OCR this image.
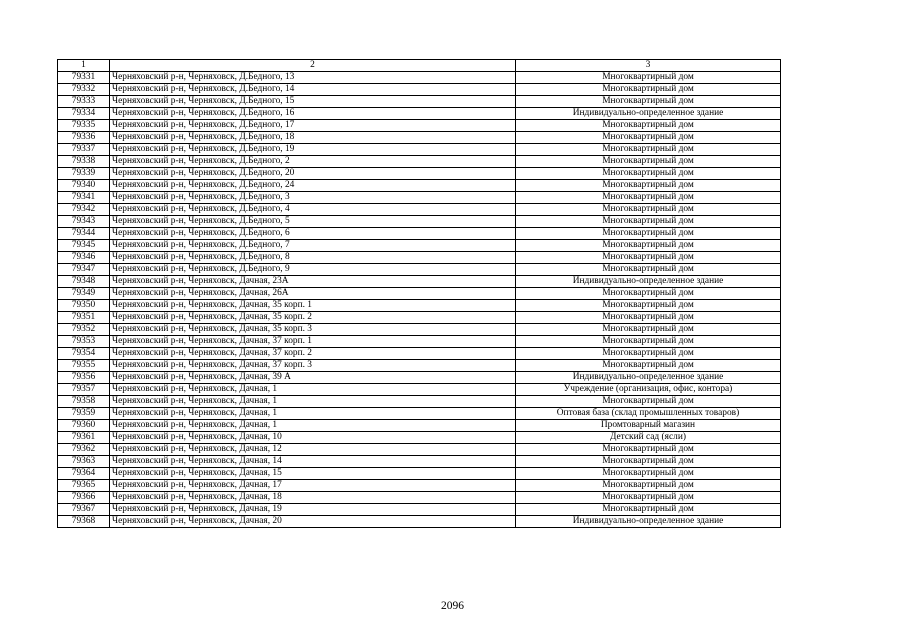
1	2	3
79331	Черняховский р-н, Черняховск, Д.Бедного, 13	Многоквартирный дом
79332	Черняховский р-н, Черняховск, Д.Бедного, 14	Многоквартирный дом
79333	Черняховский р-н, Черняховск, Д.Бедного, 15	Многоквартирный дом
79334	Черняховский р-н, Черняховск, Д.Бедного, 16	Индивидуально-определенное здание
79335	Черняховский р-н, Черняховск, Д.Бедного, 17	Многоквартирный дом
79336	Черняховский р-н, Черняховск, Д.Бедного, 18	Многоквартирный дом
79337	Черняховский р-н, Черняховск, Д.Бедного, 19	Многоквартирный дом
79338	Черняховский р-н, Черняховск, Д.Бедного, 2	Многоквартирный дом
79339	Черняховский р-н, Черняховск, Д.Бедного, 20	Многоквартирный дом
79340	Черняховский р-н, Черняховск, Д.Бедного, 24	Многоквартирный дом
79341	Черняховский р-н, Черняховск, Д.Бедного, 3	Многоквартирный дом
79342	Черняховский р-н, Черняховск, Д.Бедного, 4	Многоквартирный дом
79343	Черняховский р-н, Черняховск, Д.Бедного, 5	Многоквартирный дом
79344	Черняховский р-н, Черняховск, Д.Бедного, 6	Многоквартирный дом
79345	Черняховский р-н, Черняховск, Д.Бедного, 7	Многоквартирный дом
79346	Черняховский р-н, Черняховск, Д.Бедного, 8	Многоквартирный дом
79347	Черняховский р-н, Черняховск, Д.Бедного, 9	Многоквартирный дом
79348	Черняховский р-н, Черняховск, Дачная, 23А	Индивидуально-определенное здание
79349	Черняховский р-н, Черняховск, Дачная, 26А	Многоквартирный дом
79350	Черняховский р-н, Черняховск, Дачная, 35 корп. 1	Многоквартирный дом
79351	Черняховский р-н, Черняховск, Дачная, 35 корп. 2	Многоквартирный дом
79352	Черняховский р-н, Черняховск, Дачная, 35 корп. 3	Многоквартирный дом
79353	Черняховский р-н, Черняховск, Дачная, 37 корп. 1	Многоквартирный дом
79354	Черняховский р-н, Черняховск, Дачная, 37 корп. 2	Многоквартирный дом
79355	Черняховский р-н, Черняховск, Дачная, 37 корп. 3	Многоквартирный дом
79356	Черняховский р-н, Черняховск, Дачная, 39 А	Индивидуально-определенное здание
79357	Черняховский р-н, Черняховск, Дачная, 1	Учреждение (организация, офис, контора)
79358	Черняховский р-н, Черняховск, Дачная, 1	Многоквартирный дом
79359	Черняховский р-н, Черняховск, Дачная, 1	Оптовая база (склад промышленных товаров)
79360	Черняховский р-н, Черняховск, Дачная, 1	Промтоварный магазин
79361	Черняховский р-н, Черняховск, Дачная, 10	Детский сад (ясли)
79362	Черняховский р-н, Черняховск, Дачная, 12	Многоквартирный дом
79363	Черняховский р-н, Черняховск, Дачная, 14	Многоквартирный дом
79364	Черняховский р-н, Черняховск, Дачная, 15	Многоквартирный дом
79365	Черняховский р-н, Черняховск, Дачная, 17	Многоквартирный дом
79366	Черняховский р-н, Черняховск, Дачная, 18	Многоквартирный дом
79367	Черняховский р-н, Черняховск, Дачная, 19	Многоквартирный дом
79368	Черняховский р-н, Черняховск, Дачная, 20	Индивидуально-определенное здание
2096
